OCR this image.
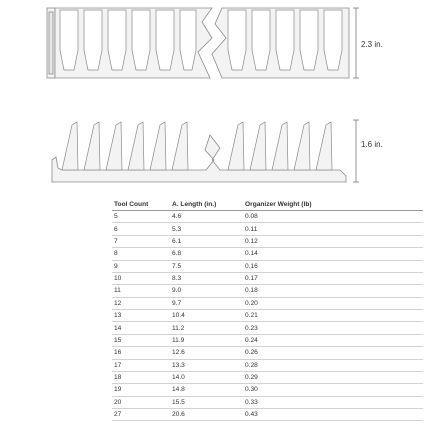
2.3 in.
1.6 in.
Tool Count	A. Length (in.)	Organizer Weight (lb)
5	4.6	0.08
6	5.3	0.11
7	6.1	0.12
8	6.8	0.14
9	7.5	0.16
10	8.3	0.17
11	9.0	0.18
12	9.7	0.20
13	10.4	0.21
14	11.2	0.23
15	11.9	0.24
16	12.6	0.26
17	13.3	0.28
18	14.0	0.29
19	14.8	0.30
20	15.5	0.33
27	20.6	0.43
